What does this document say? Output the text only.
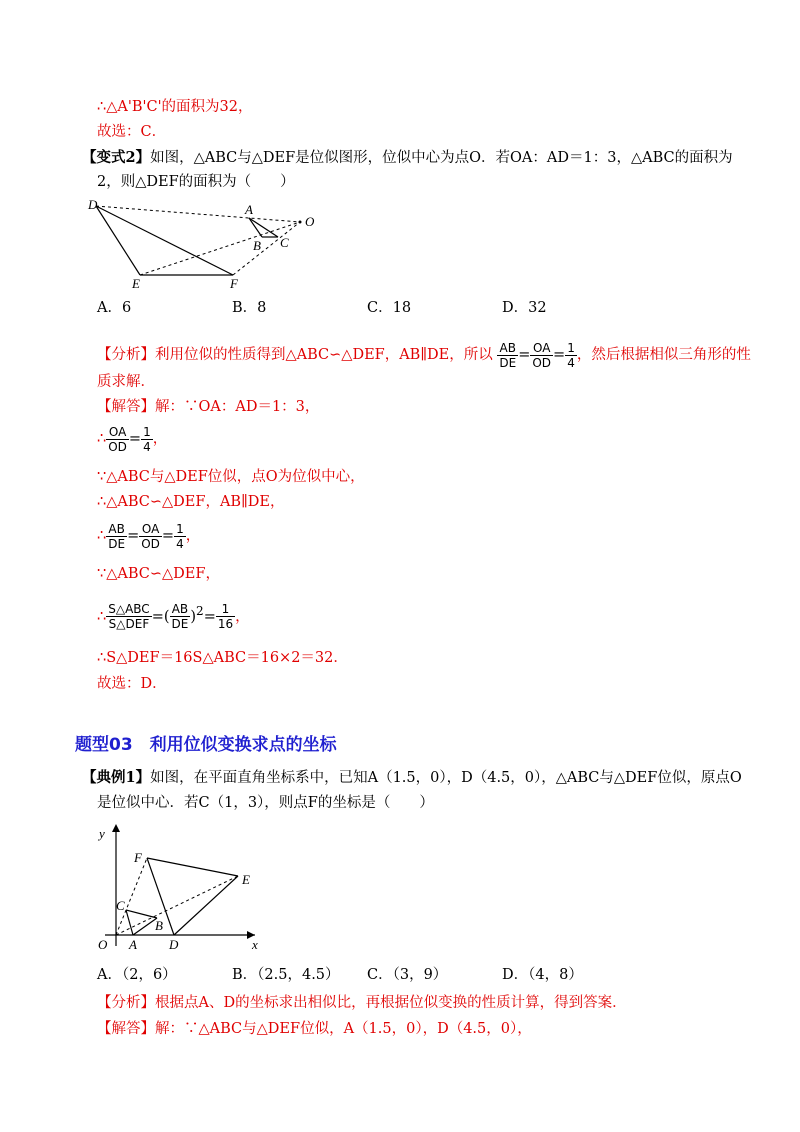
∴△A'B'C'的面积为32，
故选：C．
【变式2】如图，△ABC与△DEF是位似图形，位似中心为点O．若OA：AD＝1：3，△ABC的面积为
2，则△DEF的面积为（　　）
D	A
O
B C
E	F
A．6	B．8	C．18	D．32
【分析】利用位似的性质得到△ABC∽△DEF，AB∥DE，所以 $\frac{AB}{DE} = \frac{OA}{OD} = \frac{1}{4}$ ，然后根据相似三角形的性
质求解．
【解答】解：∵OA：AD＝1：3，
∴ $\frac{OA}{OD} = \frac{1}{4}$ ，
∵△ABC与△DEF位似，点O为位似中心，
∴△ABC∽△DEF，AB∥DE，
∴ $\frac{AB}{DE} = \frac{OA}{OD} = \frac{1}{4}$ ，
∵△ABC∽△DEF，
∴ $\frac{\text{S△ABC}}{\text{S△DEF}}$ =( $\frac{AB}{DE} )^2= \frac{1}{16}$ ，
∴S△DEF＝16S△ABC＝16×2＝32．
故选：D．
题型03　利用位似变换求点的坐标
【典例1】如图，在平面直角坐标系中，已知A（1.5，0），D（4.5，0），△ABC与△DEF位似，原点O
是位似中心．若C（1，3），则点F的坐标是（　　）
y
x
O A D
B
C
E
F
A．（2，6）	B．（2.5，4.5） C．（3，9）	D．（4，8）
【分析】根据点A、D的坐标求出相似比，再根据位似变换的性质计算，得到答案．
【解答】解：∵△ABC与△DEF位似，A（1.5，0），D（4.5，0），
